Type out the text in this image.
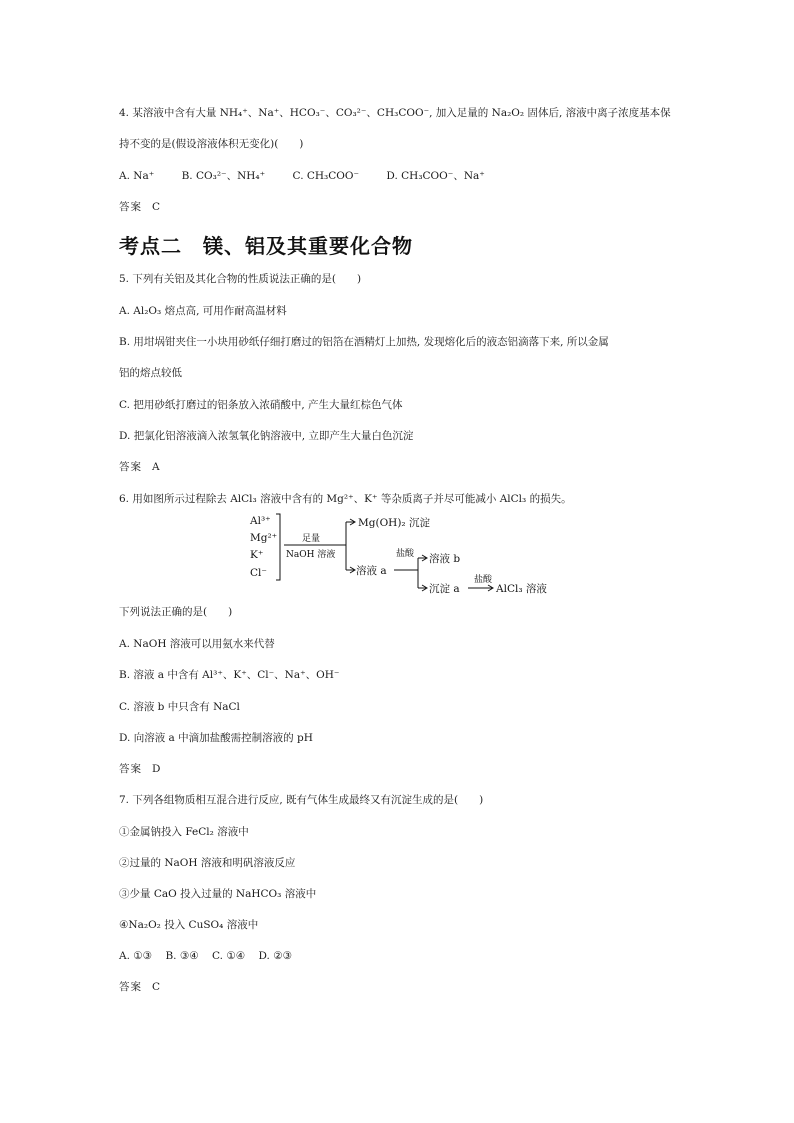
4. 某溶液中含有大量 NH₄⁺、Na⁺、HCO₃⁻、CO₃²⁻、CH₃COO⁻, 加入足量的 Na₂O₂ 固体后, 溶液中离子浓度基本保
持不变的是(假设溶液体积无变化)(　　)
A. Na⁺	B. CO₃²⁻、NH₄⁺	C. CH₃COO⁻	D. CH₃COO⁻、Na⁺
答案 C
考点二　镁、铝及其重要化合物
5. 下列有关铝及其化合物的性质说法正确的是(　　)
A. Al₂O₃ 熔点高, 可用作耐高温材料
B. 用坩埚钳夹住一小块用砂纸仔细打磨过的铝箔在酒精灯上加热, 发现熔化后的液态铝滴落下来, 所以金属
铝的熔点较低
C. 把用砂纸打磨过的铝条放入浓硝酸中, 产生大量红棕色气体
D. 把氯化铝溶液滴入浓氢氧化钠溶液中, 立即产生大量白色沉淀
答案 A
6. 用如图所示过程除去 AlCl₃ 溶液中含有的 Mg²⁺、K⁺ 等杂质离子并尽可能减小 AlCl₃ 的损失。
Al³⁺
Mg²⁺
K⁺
Cl⁻
足量
NaOH 溶液
Mg(OH)₂ 沉淀
溶液 a
盐酸 溶液 b
沉淀 a
盐酸
AlCl₃ 溶液
下列说法正确的是(　　)
A. NaOH 溶液可以用氨水来代替
B. 溶液 a 中含有 Al³⁺、K⁺、Cl⁻、Na⁺、OH⁻
C. 溶液 b 中只含有 NaCl
D. 向溶液 a 中滴加盐酸需控制溶液的 pH
答案 D
7. 下列各组物质相互混合进行反应, 既有气体生成最终又有沉淀生成的是(　　)
①金属钠投入 FeCl₂ 溶液中
②过量的 NaOH 溶液和明矾溶液反应
③少量 CaO 投入过量的 NaHCO₃ 溶液中
④Na₂O₂ 投入 CuSO₄ 溶液中
A. ①③ B. ③④ C. ①④ D. ②③
答案 C
